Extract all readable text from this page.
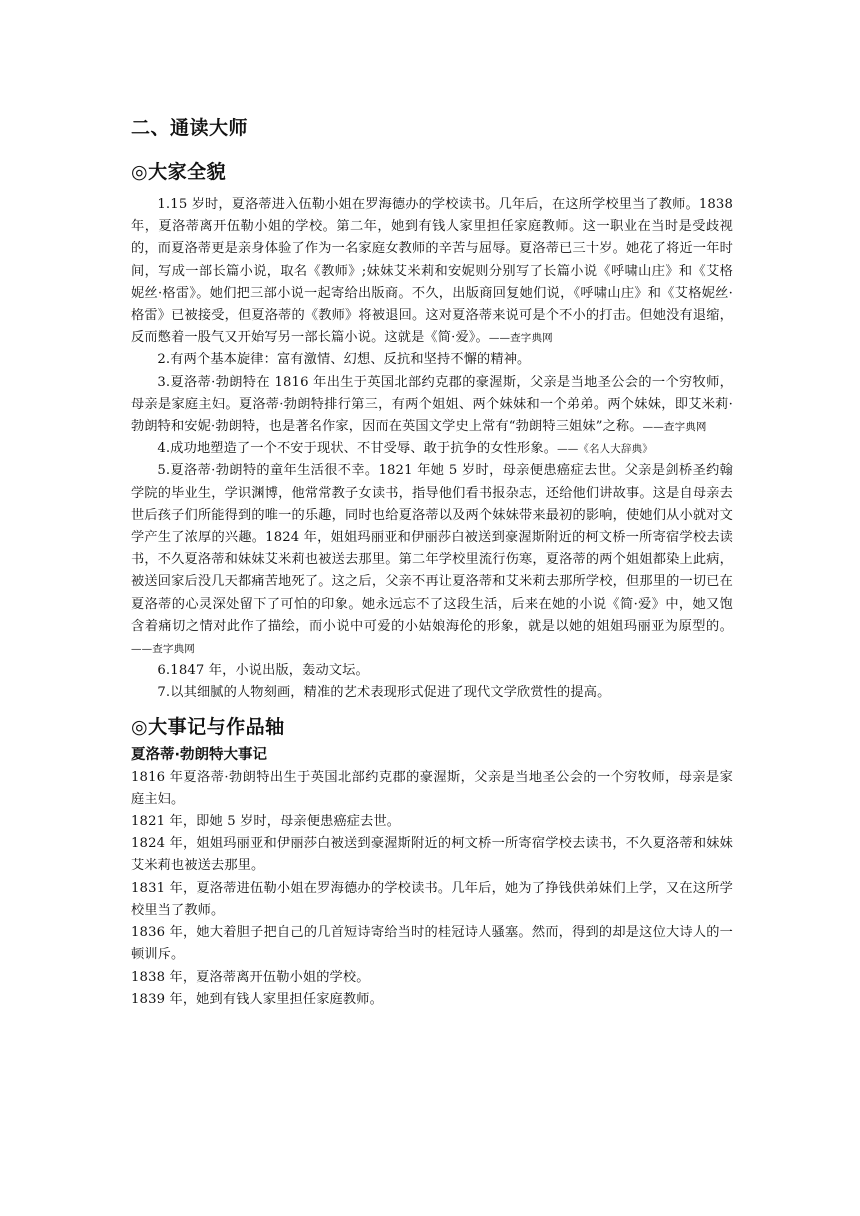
二、通读大师
◎大家全貌

1.15 岁时，夏洛蒂进入伍勒小姐在罗海德办的学校读书。几年后，在这所学校里当了教师。1838 年，夏洛蒂离开伍勒小姐的学校。第二年，她到有钱人家里担任家庭教师。这一职业在当时是受歧视的，而夏洛蒂更是亲身体验了作为一名家庭女教师的辛苦与屈辱。夏洛蒂已三十岁。她花了将近一年时间，写成一部长篇小说，取名《教师》;妹妹艾米莉和安妮则分别写了长篇小说《呼啸山庄》和《艾格妮丝·格雷》。她们把三部小说一起寄给出版商。不久，出版商回复她们说，《呼啸山庄》和《艾格妮丝·格雷》已被接受，但夏洛蒂的《教师》将被退回。这对夏洛蒂来说可是个不小的打击。但她没有退缩，反而憋着一股气又开始写另一部长篇小说。这就是《简·爱》。——查字典网

2.有两个基本旋律：富有激情、幻想、反抗和坚持不懈的精神。

3.夏洛蒂·勃朗特在 1816 年出生于英国北部约克郡的豪渥斯，父亲是当地圣公会的一个穷牧师，母亲是家庭主妇。夏洛蒂·勃朗特排行第三，有两个姐姐、两个妹妹和一个弟弟。两个妹妹，即艾米莉·勃朗特和安妮·勃朗特，也是著名作家，因而在英国文学史上常有“勃朗特三姐妹”之称。——查字典网

4.成功地塑造了一个不安于现状、不甘受辱、敢于抗争的女性形象。——《名人大辞典》

5.夏洛蒂·勃朗特的童年生活很不幸。1821 年她 5 岁时，母亲便患癌症去世。父亲是剑桥圣约翰学院的毕业生，学识渊博，他常常教子女读书，指导他们看书报杂志，还给他们讲故事。这是自母亲去世后孩子们所能得到的唯一的乐趣，同时也给夏洛蒂以及两个妹妹带来最初的影响，使她们从小就对文学产生了浓厚的兴趣。1824 年，姐姐玛丽亚和伊丽莎白被送到豪渥斯附近的柯文桥一所寄宿学校去读书，不久夏洛蒂和妹妹艾米莉也被送去那里。第二年学校里流行伤寒，夏洛蒂的两个姐姐都染上此病，被送回家后没几天都痛苦地死了。这之后，父亲不再让夏洛蒂和艾米莉去那所学校，但那里的一切已在夏洛蒂的心灵深处留下了可怕的印象。她永远忘不了这段生活，后来在她的小说《简·爱》中，她又饱含着痛切之情对此作了描绘，而小说中可爱的小姑娘海伦的形象，就是以她的姐姐玛丽亚为原型的。——查字典网

6.1847 年，小说出版，轰动文坛。

7.以其细腻的人物刻画，精准的艺术表现形式促进了现代文学欣赏性的提高。

◎大事记与作品轴
夏洛蒂·勃朗特大事记

1816 年夏洛蒂·勃朗特出生于英国北部约克郡的豪渥斯，父亲是当地圣公会的一个穷牧师，母亲是家庭主妇。

1821 年，即她 5 岁时，母亲便患癌症去世。

1824 年，姐姐玛丽亚和伊丽莎白被送到豪渥斯附近的柯文桥一所寄宿学校去读书，不久夏洛蒂和妹妹艾米莉也被送去那里。

1831 年，夏洛蒂进伍勒小姐在罗海德办的学校读书。几年后，她为了挣钱供弟妹们上学，又在这所学校里当了教师。

1836 年，她大着胆子把自己的几首短诗寄给当时的桂冠诗人骚塞。然而，得到的却是这位大诗人的一顿训斥。

1838 年，夏洛蒂离开伍勒小姐的学校。

1839 年，她到有钱人家里担任家庭教师。
